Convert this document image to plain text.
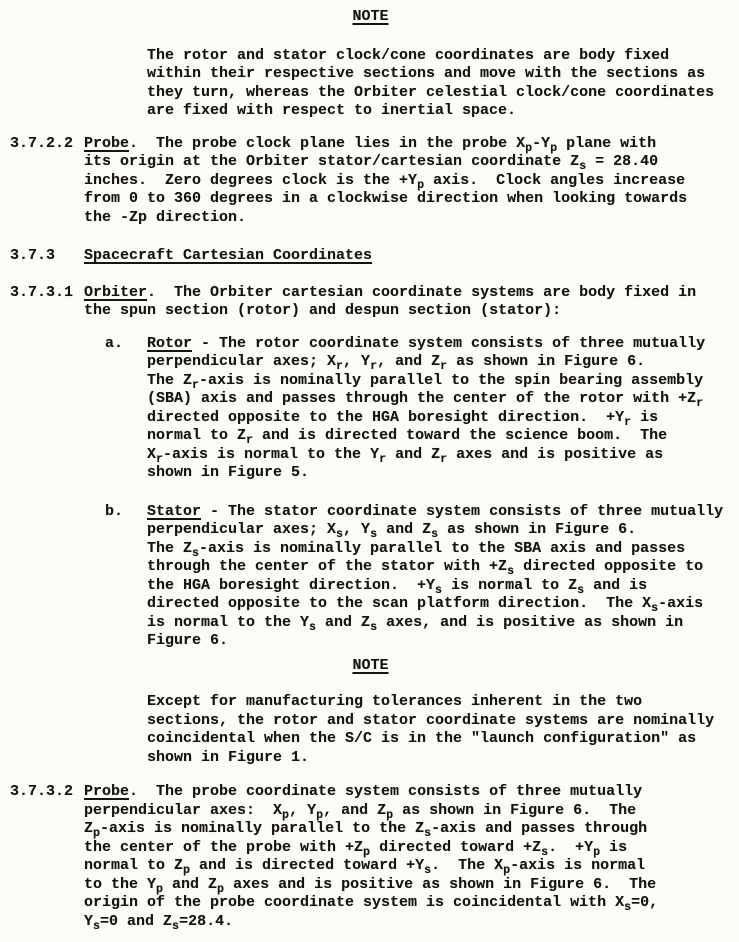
NOTE
The rotor and stator clock/cone coordinates are body fixed
within their respective sections and move with the sections as
they turn, whereas the Orbiter celestial clock/cone coordinates
are fixed with respect to inertial space.
3.7.2.2 Probe.  The probe clock plane lies in the probe $X_p-Y_p$ plane with
its origin at the Orbiter stator/cartesian coordinate $Z_s = 28.40$
inches.  Zero degrees clock is the $+Y_p$ axis.  Clock angles increase
from 0 to 360 degrees in a clockwise direction when looking towards
the -Zp direction.
3.7.3	Spacecraft Cartesian Coordinates
3.7.3.1 Orbiter.  The Orbiter cartesian coordinate systems are body fixed in
the spun section (rotor) and despun section (stator):
a.	Rotor - The rotor coordinate system consists of three mutually
perpendicular axes; $X_r$, $Y_r$, and $Z_r$ as shown in Figure 6.
The $Z_r$-axis is nominally parallel to the spin bearing assembly
(SBA) axis and passes through the center of the rotor with $+Z_r$
directed opposite to the HGA boresight direction.  $+Y_r$ is
normal to $Z_r$ and is directed toward the science boom.  The
$X_r$-axis is normal to the $Y_r$ and $Z_r$ axes and is positive as
shown in Figure 5.
b.	Stator - The stator coordinate system consists of three mutually
perpendicular axes; $X_s$, $Y_s$ and $Z_s$ as shown in Figure 6.
The $Z_s$-axis is nominally parallel to the SBA axis and passes
through the center of the stator with $+Z_s$ directed opposite to
the HGA boresight direction.  $+Y_s$ is normal to $Z_s$ and is
directed opposite to the scan platform direction.  The $X_s$-axis
is normal to the $Y_s$ and $Z_s$ axes, and is positive as shown in
Figure 6.
NOTE
Except for manufacturing tolerances inherent in the two
sections, the rotor and stator coordinate systems are nominally
coincidental when the S/C is in the "launch configuration" as
shown in Figure 1.
3.7.3.2 Probe.  The probe coordinate system consists of three mutually
perpendicular axes:  $X_p$, $Y_p$, and $Z_p$ as shown in Figure 6.  The
$Z_p$-axis is nominally parallel to the $Z_s$-axis and passes through
the center of the probe with $+Z_p$ directed toward $+Z_s$.  $+Y_p$ is
normal to $Z_p$ and is directed toward $+Y_s$.  The $X_p$-axis is normal
to the $Y_p$ and $Z_p$ axes and is positive as shown in Figure 6.  The
origin of the probe coordinate system is coincidental with $X_s=0$,
$Y_s=0$ and $Z_s=28.4$.
